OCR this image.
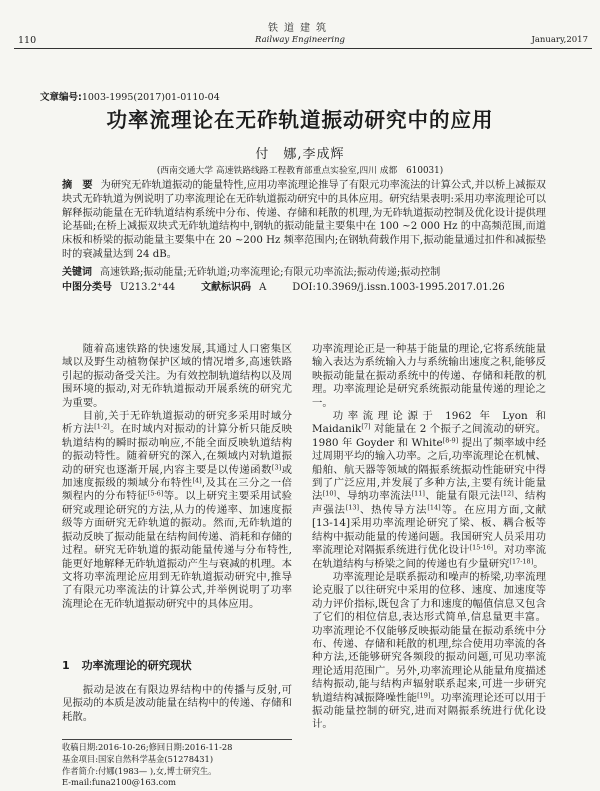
110
铁道建筑
Railway Engineering	January,2017
文章编号:1003-1995(2017)01-0110-04
功率流理论在无砟轨道振动研究中的应用
付　娜,李成辉
(西南交通大学 高速铁路线路工程教育部重点实验室,四川 成都　610031)
摘　要 为研究无砟轨道振动的能量特性,应用功率流理论推导了有限元功率流法的计算公式,并以桥上减振双块式无砟轨道为例说明了功率流理论在无砟轨道振动研究中的具体应用。研究结果表明:采用功率流理论可以解释振动能量在无砟轨道结构系统中分布、传递、存储和耗散的机理,为无砟轨道振动控制及优化设计提供理论基础;在桥上减振双块式无砟轨道结构中,钢轨的振动能量主要集中在 100 ~2 000 Hz 的中高频范围,而道床板和桥梁的振动能量主要集中在 20 ~200 Hz 频率范围内;在钢轨荷载作用下,振动能量通过扣件和减振垫时的衰减量达到 24 dB。
关键词 高速铁路;振动能量;无砟轨道;功率流理论;有限元功率流法;振动传递;振动控制
中图分类号 U213.2⁺44	文献标识码 A	DOI:10.3969/j.issn.1003-1995.2017.01.26

随着高速铁路的快速发展,其通过人口密集区域以及野生动植物保护区域的情况增多,高速铁路引起的振动备受关注。为有效控制轨道结构以及周围环境的振动,对无砟轨道振动开展系统的研究尤为重要。

目前,关于无砟轨道振动的研究多采用时域分析方法[1-2]。在时域内对振动的计算分析只能反映轨道结构的瞬时振动响应,不能全面反映轨道结构的振动特性。随着研究的深入,在频域内对轨道振动的研究也逐渐开展,内容主要是以传递函数[3]或加速度振级的频域分布特性[4],及其在三分之一倍频程内的分布特征[5-6]等。以上研究主要采用试验研究或理论研究的方法,从力的传递率、加速度振级等方面研究无砟轨道的振动。然而,无砟轨道的振动反映了振动能量在结构间传递、消耗和存储的过程。研究无砟轨道的振动能量传递与分布特性,能更好地解释无砟轨道振动产生与衰减的机理。本文将功率流理论应用到无砟轨道振动研究中,推导了有限元功率流法的计算公式,并举例说明了功率流理论在无砟轨道振动研究中的具体应用。

1 功率流理论的研究现状

振动是波在有限边界结构中的传播与反射,可见振动的本质是波动能量在结构中的传递、存储和耗散。

收稿日期:2016-10-26;修回日期:2016-11-28
基金项目:国家自然科学基金(51278431)
作者简介:付娜(1983— ),女,博士研究生。
E-mail:funa2100@163.com

功率流理论正是一种基于能量的理论,它将系统能量输入表达为系统输入力与系统输出速度之积,能够反映振动能量在振动系统中的传递、存储和耗散的机理。功率流理论是研究系统振动能量传递的理论之一。

功率流理论源于 1962 年 Lyon 和 Maidanik[7] 对能量在 2 个振子之间流动的研究。1980 年 Goyder 和 White[8-9] 提出了频率域中经过周期平均的输入功率。之后,功率流理论在机械、船舶、航天器等领域的隔振系统振动性能研究中得到了广泛应用,并发展了多种方法,主要有统计能量法[10]、导纳功率流法[11]、能量有限元法[12]、结构声强法[13]、热传导方法[14]等。在应用方面,文献[13-14]采用功率流理论研究了梁、板、耦合板等结构中振动能量的传递问题。我国研究人员采用功率流理论对隔振系统进行优化设计[15-16]。对功率流在轨道结构与桥梁之间的传递也有少量研究[17-18]。

功率流理论是联系振动和噪声的桥梁,功率流理论克服了以往研究中采用的位移、速度、加速度等动力评价指标,既包含了力和速度的幅值信息又包含了它们的相位信息,表达形式简单,信息量更丰富。功率流理论不仅能够反映振动能量在振动系统中分布、传递、存储和耗散的机理,综合使用功率流的各种方法,还能够研究各频段的振动问题,可见功率流理论适用范围广。另外,功率流理论从能量角度描述结构振动,能与结构声辐射联系起来,可进一步研究轨道结构减振降噪性能[19]。功率流理论还可以用于振动能量控制的研究,进而对隔振系统进行优化设计。
